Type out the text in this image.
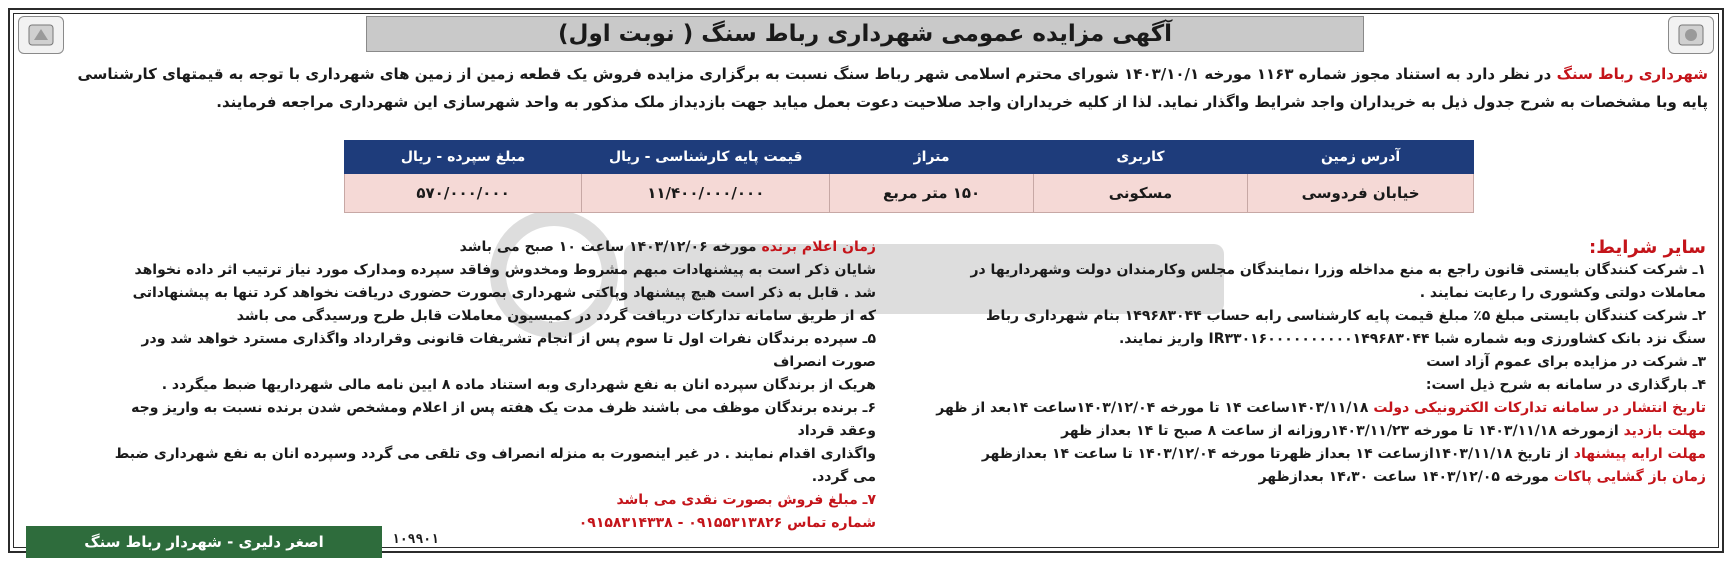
آگهی مزایده عمومی شهرداری رباط سنگ ( نوبت اول)

شهرداری رباط سنگ در نظر دارد به استناد مجوز شماره ۱۱۶۳ مورخه ۱۴۰۳/۱۰/۱ شورای محترم اسلامی شهر رباط سنگ نسبت به برگزاری مزایده فروش یک قطعه زمین از زمین های شهرداری با توجه به قیمتهای کارشناسی

پایه وبا مشخصات به شرح جدول ذیل به خریداران واجد شرایط واگذار نماید. لذا از کلیه خریداران واجد صلاحیت دعوت بعمل میاید جهت بازدیداز ملک مذکور به واحد شهرسازی این شهرداری مراجعه فرمایند.

آدرس زمین	کاربری	متراژ	قیمت پایه کارشناسی - ریال	مبلغ سپرده - ریال
خیابان فردوسی	مسکونی	۱۵۰ متر مربع	۱۱/۴۰۰/۰۰۰/۰۰۰	۵۷۰/۰۰۰/۰۰۰

سایر شرایط:

۱ـ شرکت کنندگان بایستی قانون راجع به منع مداخله وزرا ،نمایندگان مجلس وکارمندان دولت وشهرداریها در

معاملات دولتی وکشوری را رعایت نمایند .

۲ـ شرکت کنندگان بایستی مبلغ ۵٪ مبلغ قیمت پایه کارشناسی رابه حساب ۱۴۹۶۸۳۰۴۴ بنام شهرداری رباط

سنگ نزد بانک کشاورزی وبه شماره شبا IR۳۳۰۱۶۰۰۰۰۰۰۰۰۰۰۱۴۹۶۸۳۰۴۴ واریز نمایند.

۳ـ شرکت در مزایده برای عموم آزاد است

۴ـ بارگذاری در سامانه به شرح ذیل است:

تاریخ انتشار در سامانه تدارکات الکترونیکی دولت ۱۴۰۳/۱۱/۱۸ساعت ۱۴ تا مورخه ۱۴۰۳/۱۲/۰۴ساعت ۱۴بعد از ظهر

مهلت بازدید ازمورخه ۱۴۰۳/۱۱/۱۸ تا مورخه ۱۴۰۳/۱۱/۲۳روزانه از ساعت ۸ صبح تا ۱۴ بعداز ظهر

مهلت ارایه پیشنهاد از تاریخ ۱۴۰۳/۱۱/۱۸ازساعت ۱۴ بعداز ظهرتا مورخه ۱۴۰۳/۱۲/۰۴ تا ساعت ۱۴ بعدازظهر

زمان باز گشایی پاکات مورخه ۱۴۰۳/۱۲/۰۵ ساعت ۱۴،۳۰ بعدازظهر

زمان اعلام برنده مورخه ۱۴۰۳/۱۲/۰۶ ساعت ۱۰ صبح می باشد

شایان ذکر است به پیشنهادات مبهم مشروط ومخدوش وفاقد سپرده ومدارک مورد نیاز ترتیب اثر داده نخواهد

شد . قابل به ذکر است هیچ پیشنهاد وپاکتی شهرداری بصورت حضوری دریافت نخواهد کرد تنها به پیشنهاداتی

که از طریق سامانه تدارکات دریافت گردد در کمیسیون معاملات قابل طرح ورسیدگی می باشد

۵ـ سپرده برندگان نفرات اول تا سوم پس از انجام تشریفات قانونی وقرارداد واگذاری مسترد خواهد شد ودر صورت انصراف

هریک از برندگان سپرده انان به نفع شهرداری وبه استناد ماده ۸ ایین نامه مالی شهرداریها ضبط میگردد .

۶ـ برنده برندگان موظف می باشند ظرف مدت یک هفته پس از اعلام ومشخص شدن برنده نسبت به واریز وجه وعقد قرداد

واگذاری اقدام نمایند . در غیر اینصورت به منزله انصراف وی تلقی می گردد وسپرده انان به نفع شهرداری ضبط می گردد.

۷ـ مبلغ فروش بصورت نقدی می باشد

شماره تماس ۰۹۱۵۵۳۱۳۸۲۶ - ۰۹۱۵۸۳۱۴۳۳۸

اصغر دلیری - شهردار رباط سنگ	۱۰۹۹۰۱
